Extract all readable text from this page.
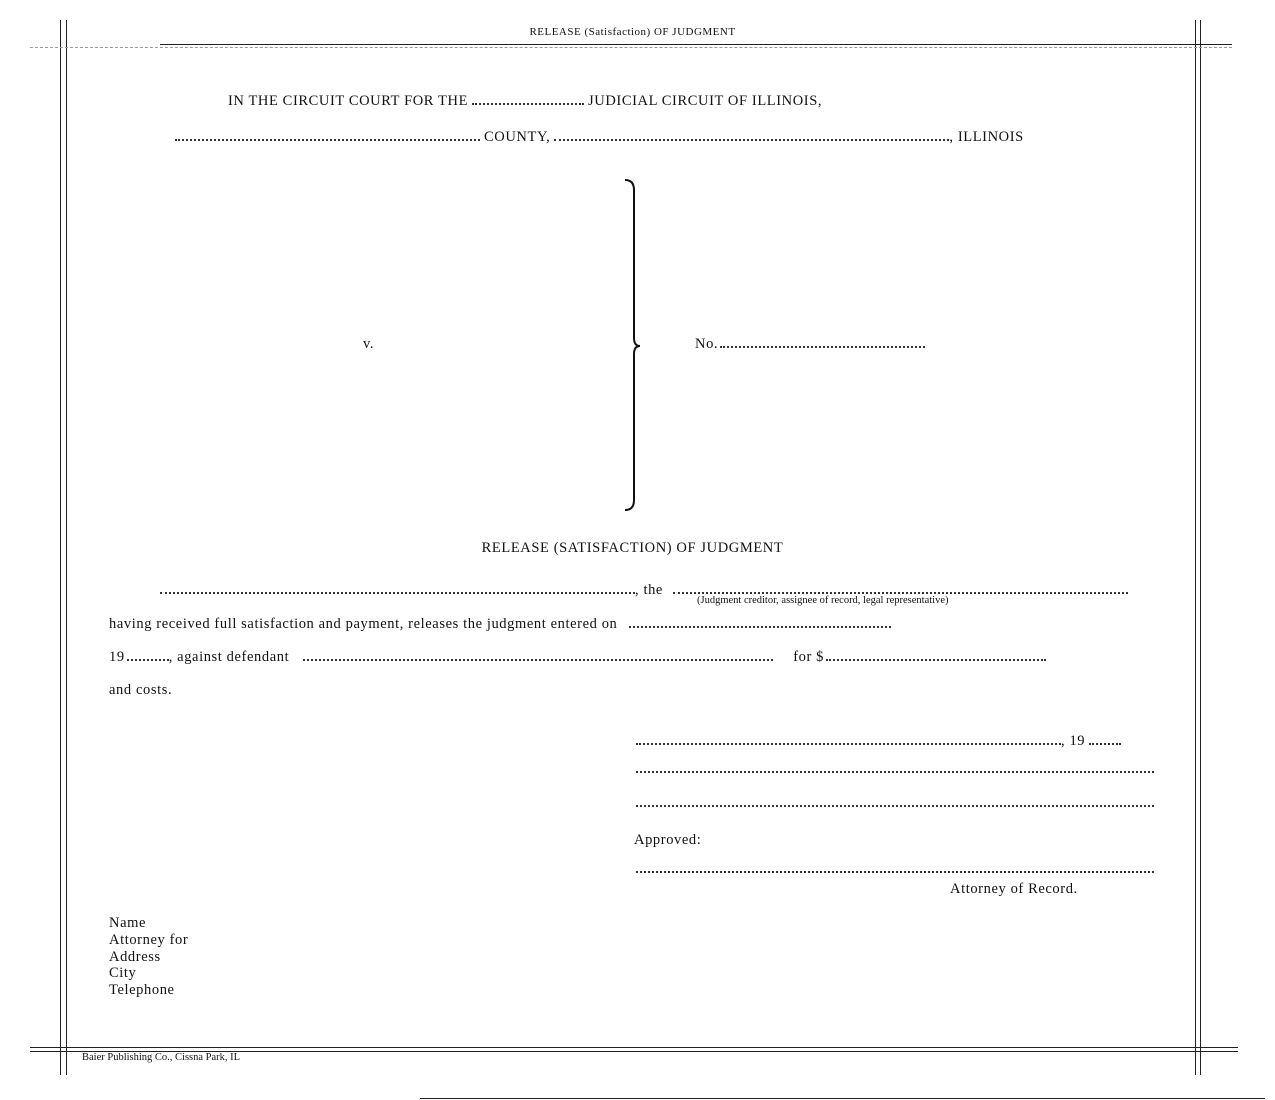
RELEASE (Satisfaction) OF JUDGMENT
IN THE CIRCUIT COURT FOR THE	JUDICIAL CIRCUIT OF ILLINOIS,
COUNTY,	, ILLINOIS
v.	No.
RELEASE (SATISFACTION) OF JUDGMENT
, the
(Judgment creditor, assignee of record, legal representative)
having received full satisfaction and payment, releases the judgment entered on
19	, against defendant	for $
and costs.
, 19
Approved:
Attorney of Record.
Name
Attorney for
Address
City
Telephone
Baier Publishing Co., Cissna Park, IL
